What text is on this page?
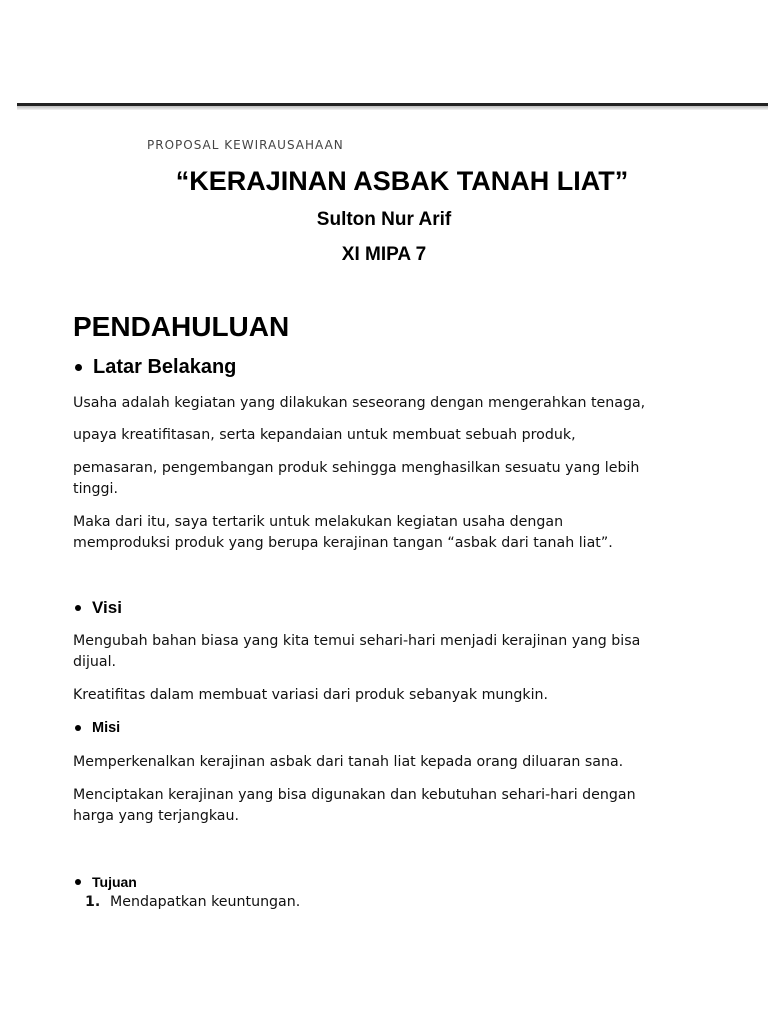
PROPOSAL KEWIRAUSAHAAN
“KERAJINAN ASBAK TANAH LIAT”
Sulton Nur Arif
XI MIPA 7
PENDAHULUAN
Latar Belakang
Usaha adalah kegiatan yang dilakukan seseorang dengan mengerahkan tenaga,
upaya kreatifitasan, serta kepandaian untuk membuat sebuah produk,
pemasaran, pengembangan produk sehingga menghasilkan sesuatu yang lebih tinggi.
Maka dari itu, saya tertarik untuk melakukan kegiatan usaha dengan memproduksi produk yang berupa kerajinan tangan “asbak dari tanah liat”.
Visi
Mengubah bahan biasa yang kita temui sehari-hari menjadi kerajinan yang bisa dijual.
Kreatifitas dalam membuat variasi dari produk sebanyak mungkin.
Misi
Memperkenalkan kerajinan asbak dari tanah liat kepada orang diluaran sana.
Menciptakan kerajinan yang bisa digunakan dan kebutuhan sehari-hari dengan harga yang terjangkau.
Tujuan
1. Mendapatkan keuntungan.
